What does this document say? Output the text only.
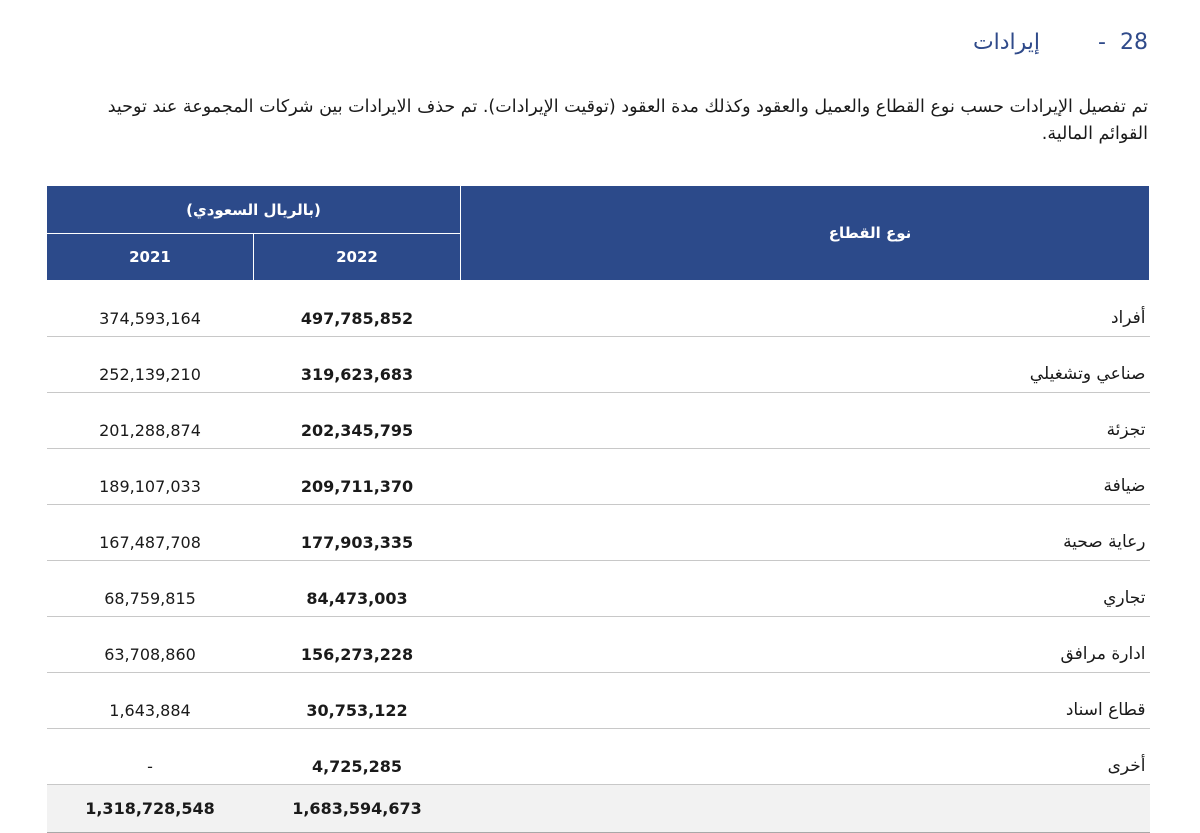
28
-
إيرادات
تم تفصيل الإيرادات حسب نوع القطاع والعميل والعقود وكذلك مدة العقود (توقيت الإيرادات). تم حذف الايرادات بين شركات المجموعة عند توحيد القوائم المالية.
(بالريال السعودي)		نوع القطاع
2021	2022	
374,593,164	497,785,852	أفراد
252,139,210	319,623,683	صناعي وتشغيلي
201,288,874	202,345,795	تجزئة
189,107,033	209,711,370	ضيافة
167,487,708	177,903,335	رعاية صحية
68,759,815	84,473,003	تجاري
63,708,860	156,273,228	ادارة مرافق
1,643,884	30,753,122	قطاع اسناد
-	4,725,285	أخرى
1,318,728,548	1,683,594,673	
